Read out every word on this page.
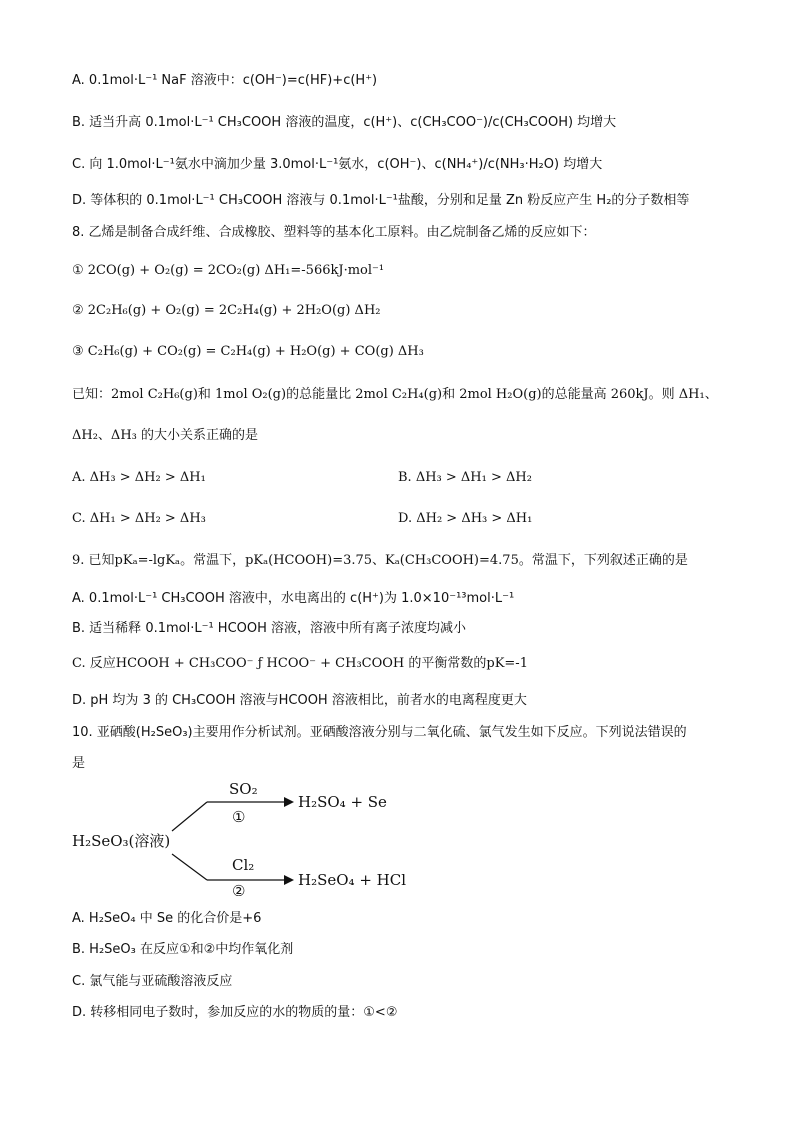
A. 0.1mol·L⁻¹ NaF 溶液中：c(OH⁻)=c(HF)+c(H⁺)
B. 适当升高 0.1mol·L⁻¹ CH₃COOH 溶液的温度，c(H⁺)、c(CH₃COO⁻)/c(CH₃COOH) 均增大
C. 向 1.0mol·L⁻¹氨水中滴加少量 3.0mol·L⁻¹氨水，c(OH⁻)、c(NH₄⁺)/c(NH₃·H₂O) 均增大
D. 等体积的 0.1mol·L⁻¹ CH₃COOH 溶液与 0.1mol·L⁻¹盐酸，分别和足量 Zn 粉反应产生 H₂的分子数相等
8. 乙烯是制备合成纤维、合成橡胶、塑料等的基本化工原料。由乙烷制备乙烯的反应如下：
① 2CO(g) + O₂(g) = 2CO₂(g) ΔH₁=-566kJ·mol⁻¹
② 2C₂H₆(g) + O₂(g) = 2C₂H₄(g) + 2H₂O(g) ΔH₂
③ C₂H₆(g) + CO₂(g) = C₂H₄(g) + H₂O(g) + CO(g) ΔH₃
已知：2mol C₂H₆(g)和 1mol O₂(g)的总能量比 2mol C₂H₄(g)和 2mol H₂O(g)的总能量高 260kJ。则 ΔH₁、
ΔH₂、ΔH₃ 的大小关系正确的是
A. ΔH₃ > ΔH₂ > ΔH₁	B. ΔH₃ > ΔH₁ > ΔH₂
C. ΔH₁ > ΔH₂ > ΔH₃	D. ΔH₂ > ΔH₃ > ΔH₁
9. 已知pKₐ=-lgKₐ。常温下，pKₐ(HCOOH)=3.75、Kₐ(CH₃COOH)=4.75。常温下，下列叙述正确的是
A. 0.1mol·L⁻¹ CH₃COOH 溶液中，水电离出的 c(H⁺)为 1.0×10⁻¹³mol·L⁻¹
B. 适当稀释 0.1mol·L⁻¹ HCOOH 溶液，溶液中所有离子浓度均减小
C. 反应HCOOH + CH₃COO⁻ ƒ HCOO⁻ + CH₃COOH 的平衡常数的pK=-1
D. pH 均为 3 的 CH₃COOH 溶液与HCOOH 溶液相比，前者水的电离程度更大
10. 亚硒酸(H₂SeO₃)主要用作分析试剂。亚硒酸溶液分别与二氧化硫、氯气发生如下反应。下列说法错误的
是
H₂SeO₃(溶液)
SO₂
①
H₂SO₄ + Se
Cl₂
②
H₂SeO₄ + HCl
A. H₂SeO₄ 中 Se 的化合价是+6
B. H₂SeO₃ 在反应①和②中均作氧化剂
C. 氯气能与亚硫酸溶液反应
D. 转移相同电子数时，参加反应的水的物质的量：①<②
